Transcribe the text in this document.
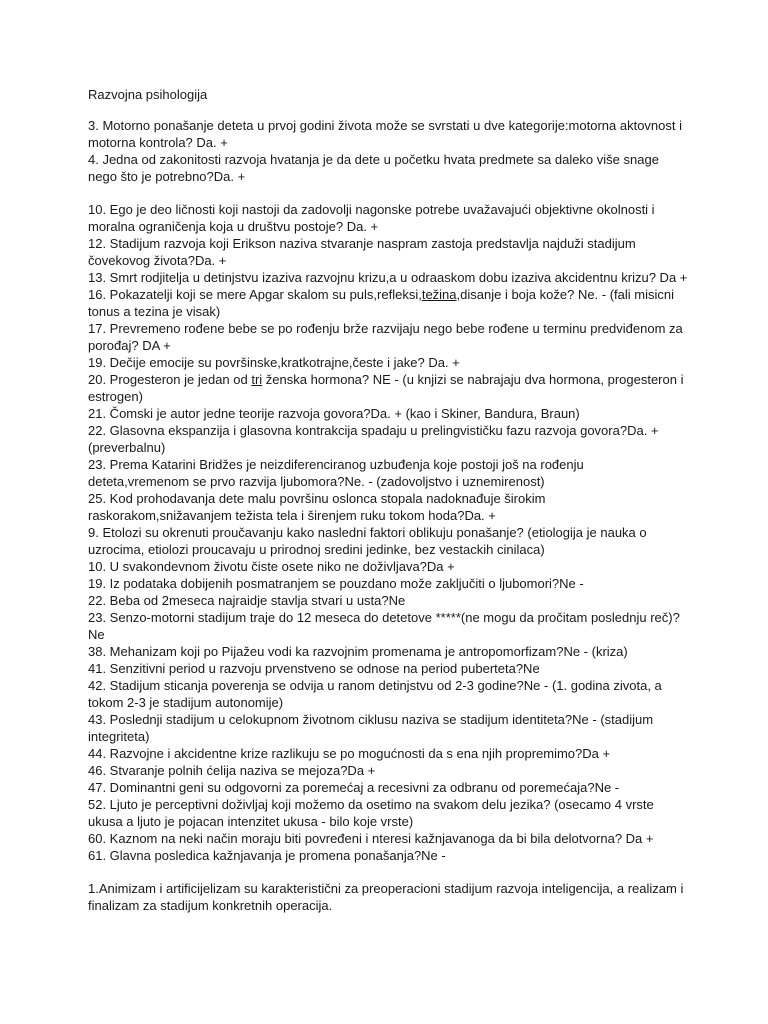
Razvojna psihologija

3. Motorno ponašanje deteta u prvoj godini života može se svrstati u dve kategorije:motorna aktovnost i motorna kontrola? Da. +

4. Jedna od zakonitosti razvoja hvatanja je da dete u početku hvata predmete sa daleko više snage nego što je potrebno?Da. +

10. Ego je deo ličnosti koji nastoji da zadovolji nagonske potrebe uvažavajući objektivne okolnosti i moralna ograničenja koja u društvu postoje? Da. +

12. Stadijum razvoja koji Erikson naziva stvaranje naspram zastoja predstavlja najduži stadijum čovekovog života?Da. +

13. Smrt rodjitelja u detinjstvu izaziva razvojnu krizu,a u odraaskom dobu izaziva akcidentnu krizu? Da +

16. Pokazatelji koji se mere Apgar skalom su puls,refleksi,težina,disanje i boja kože? Ne. - (fali misicni tonus a tezina je visak)

17. Prevremeno rođene bebe se po rođenju brže razvijaju nego bebe rođene u terminu predviđenom za porođaj? DA +

19. Dečije emocije su površinske,kratkotrajne,česte i jake? Da. +

20. Progesteron je jedan od tri ženska hormona? NE - (u knjizi se nabrajaju dva hormona, progesteron i estrogen)

21. Čomski je autor jedne teorije razvoja govora?Da. + (kao i Skiner, Bandura, Braun)

22. Glasovna ekspanzija i glasovna kontrakcija spadaju u prelingvističku fazu razvoja govora?Da. + (preverbalnu)

23. Prema Katarini Bridžes je neizdiferenciranog uzbuđenja koje postoji još na rođenju deteta,vremenom se prvo razvija ljubomora?Ne. - (zadovoljstvo i uznemirenost)

25. Kod prohodavanja dete malu površinu oslonca stopala nadoknađuje širokim raskorakom,snižavanjem težista tela i širenjem ruku tokom hoda?Da. +

9. Etolozi su okrenuti proučavanju kako nasledni faktori oblikuju ponašanje? (etiologija je nauka o uzrocima, etiolozi proucavaju u prirodnoj sredini jedinke, bez vestackih cinilaca)

10. U svakondevnom životu čiste osete niko ne doživljava?Da +

19. Iz podataka dobijenih posmatranjem se pouzdano može zaključiti o ljubomori?Ne -

22. Beba od 2meseca najraidje stavlja stvari u usta?Ne

23. Senzo-motorni stadijum traje do 12 meseca do detetove *****(ne mogu da pročitam poslednju reč)?Ne

38. Mehanizam koji po Pijažeu vodi ka razvojnim promenama je antropomorfizam?Ne - (kriza)

41. Senzitivni period u razvoju prvenstveno se odnose na period puberteta?Ne

42. Stadijum sticanja poverenja se odvija u ranom detinjstvu od 2-3 godine?Ne - (1. godina zivota, a tokom 2-3 je stadijum autonomije)

43. Poslednji stadijum u celokupnom životnom ciklusu naziva se stadijum identiteta?Ne - (stadijum integriteta)

44. Razvojne i akcidentne krize razlikuju se po mogućnosti da s ena njih propremimo?Da +

46. Stvaranje polnih ćelija naziva se mejoza?Da +

47. Dominantni geni su odgovorni za poremećaj a recesivni za odbranu od poremećaja?Ne -

52. Ljuto je perceptivni doživljaj koji možemo da osetimo na svakom delu jezika? (osecamo 4 vrste ukusa a ljuto je pojacan intenzitet ukusa - bilo koje vrste)

60. Kaznom na neki način moraju biti povređeni i nteresi kažnjavanoga da bi bila delotvorna? Da +

61. Glavna posledica kažnjavanja je promena ponašanja?Ne -

1.Animizam i artificijelizam su karakteristični za preoperacioni stadijum razvoja inteligencija, a realizam i finalizam za stadijum konkretnih operacija.
